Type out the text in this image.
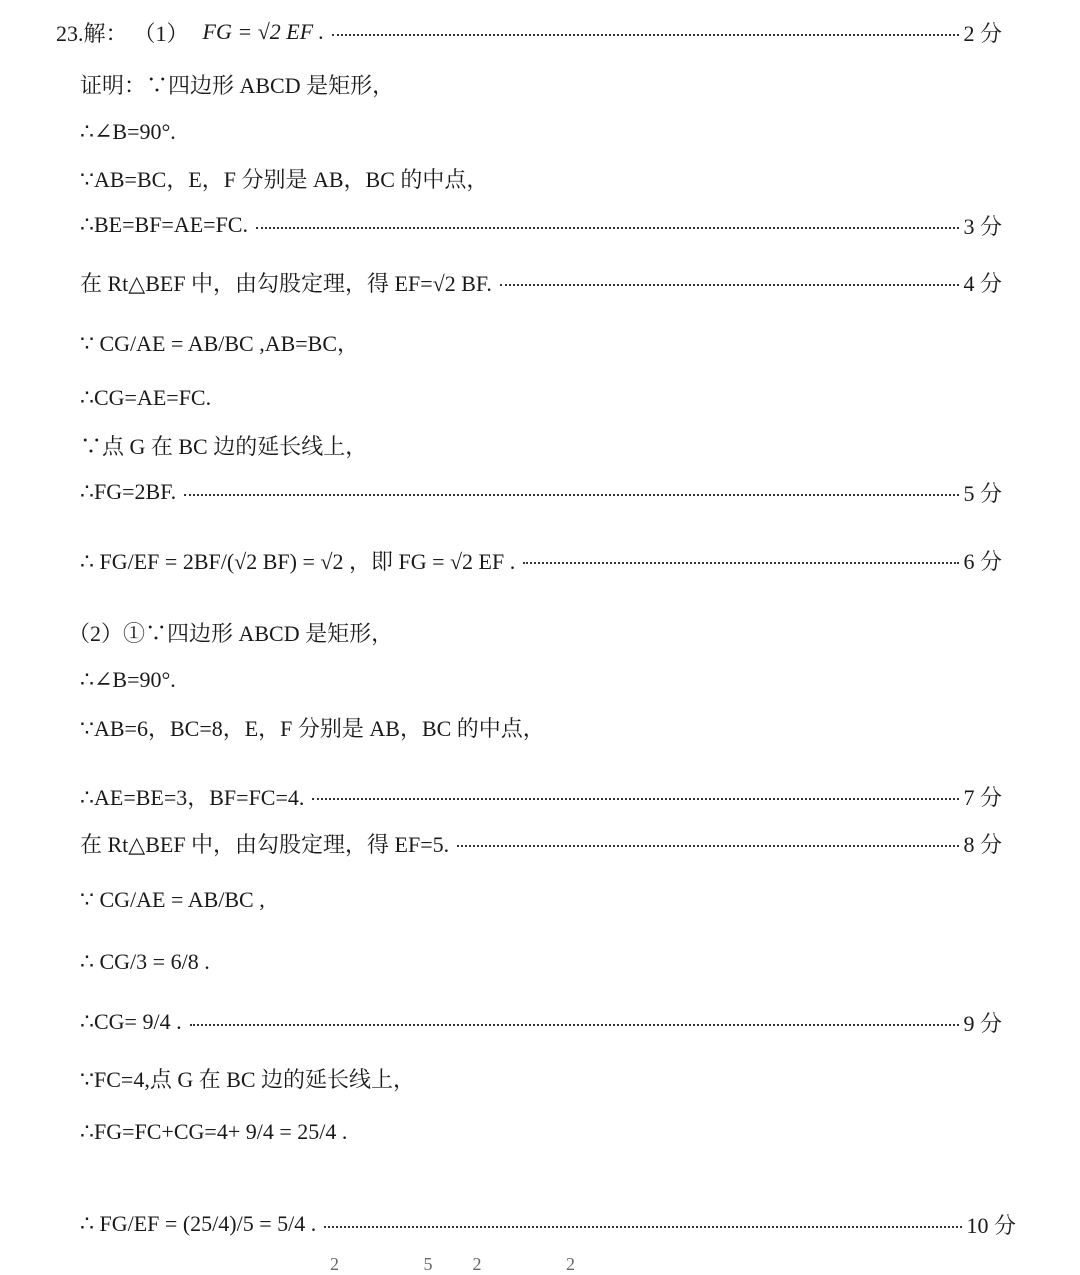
23.解： （1） FG = √2 EF .	2 分
证明：∵四边形 ABCD 是矩形，
∴∠B=90°.
∵AB=BC，E，F 分别是 AB，BC 的中点，
∴BE=BF=AE=FC.	3 分
在 Rt△BEF 中，由勾股定理，得 EF=√2 BF.	4 分
∵ CG/AE = AB/BC ,AB=BC，
∴CG=AE=FC.
∵点 G 在 BC 边的延长线上，
∴FG=2BF.	5 分
∴ FG/EF = 2BF/(√2 BF) = √2 ，即 FG = √2 EF .	6 分
（2）①∵四边形 ABCD 是矩形，
∴∠B=90°.
∵AB=6，BC=8，E，F 分别是 AB，BC 的中点，
∴AE=BE=3，BF=FC=4.	7 分
在 Rt△BEF 中，由勾股定理，得 EF=5.	8 分
∵ CG/AE = AB/BC ,
∴ CG/3 = 6/8 .
∴CG= 9/4 .	9 分
∵FC=4,点 G 在 BC 边的延长线上，
∴FG=FC+CG=4+ 9/4 = 25/4 .
∴ FG/EF = (25/4)/5 = 5/4 .	10 分
2 52 2
